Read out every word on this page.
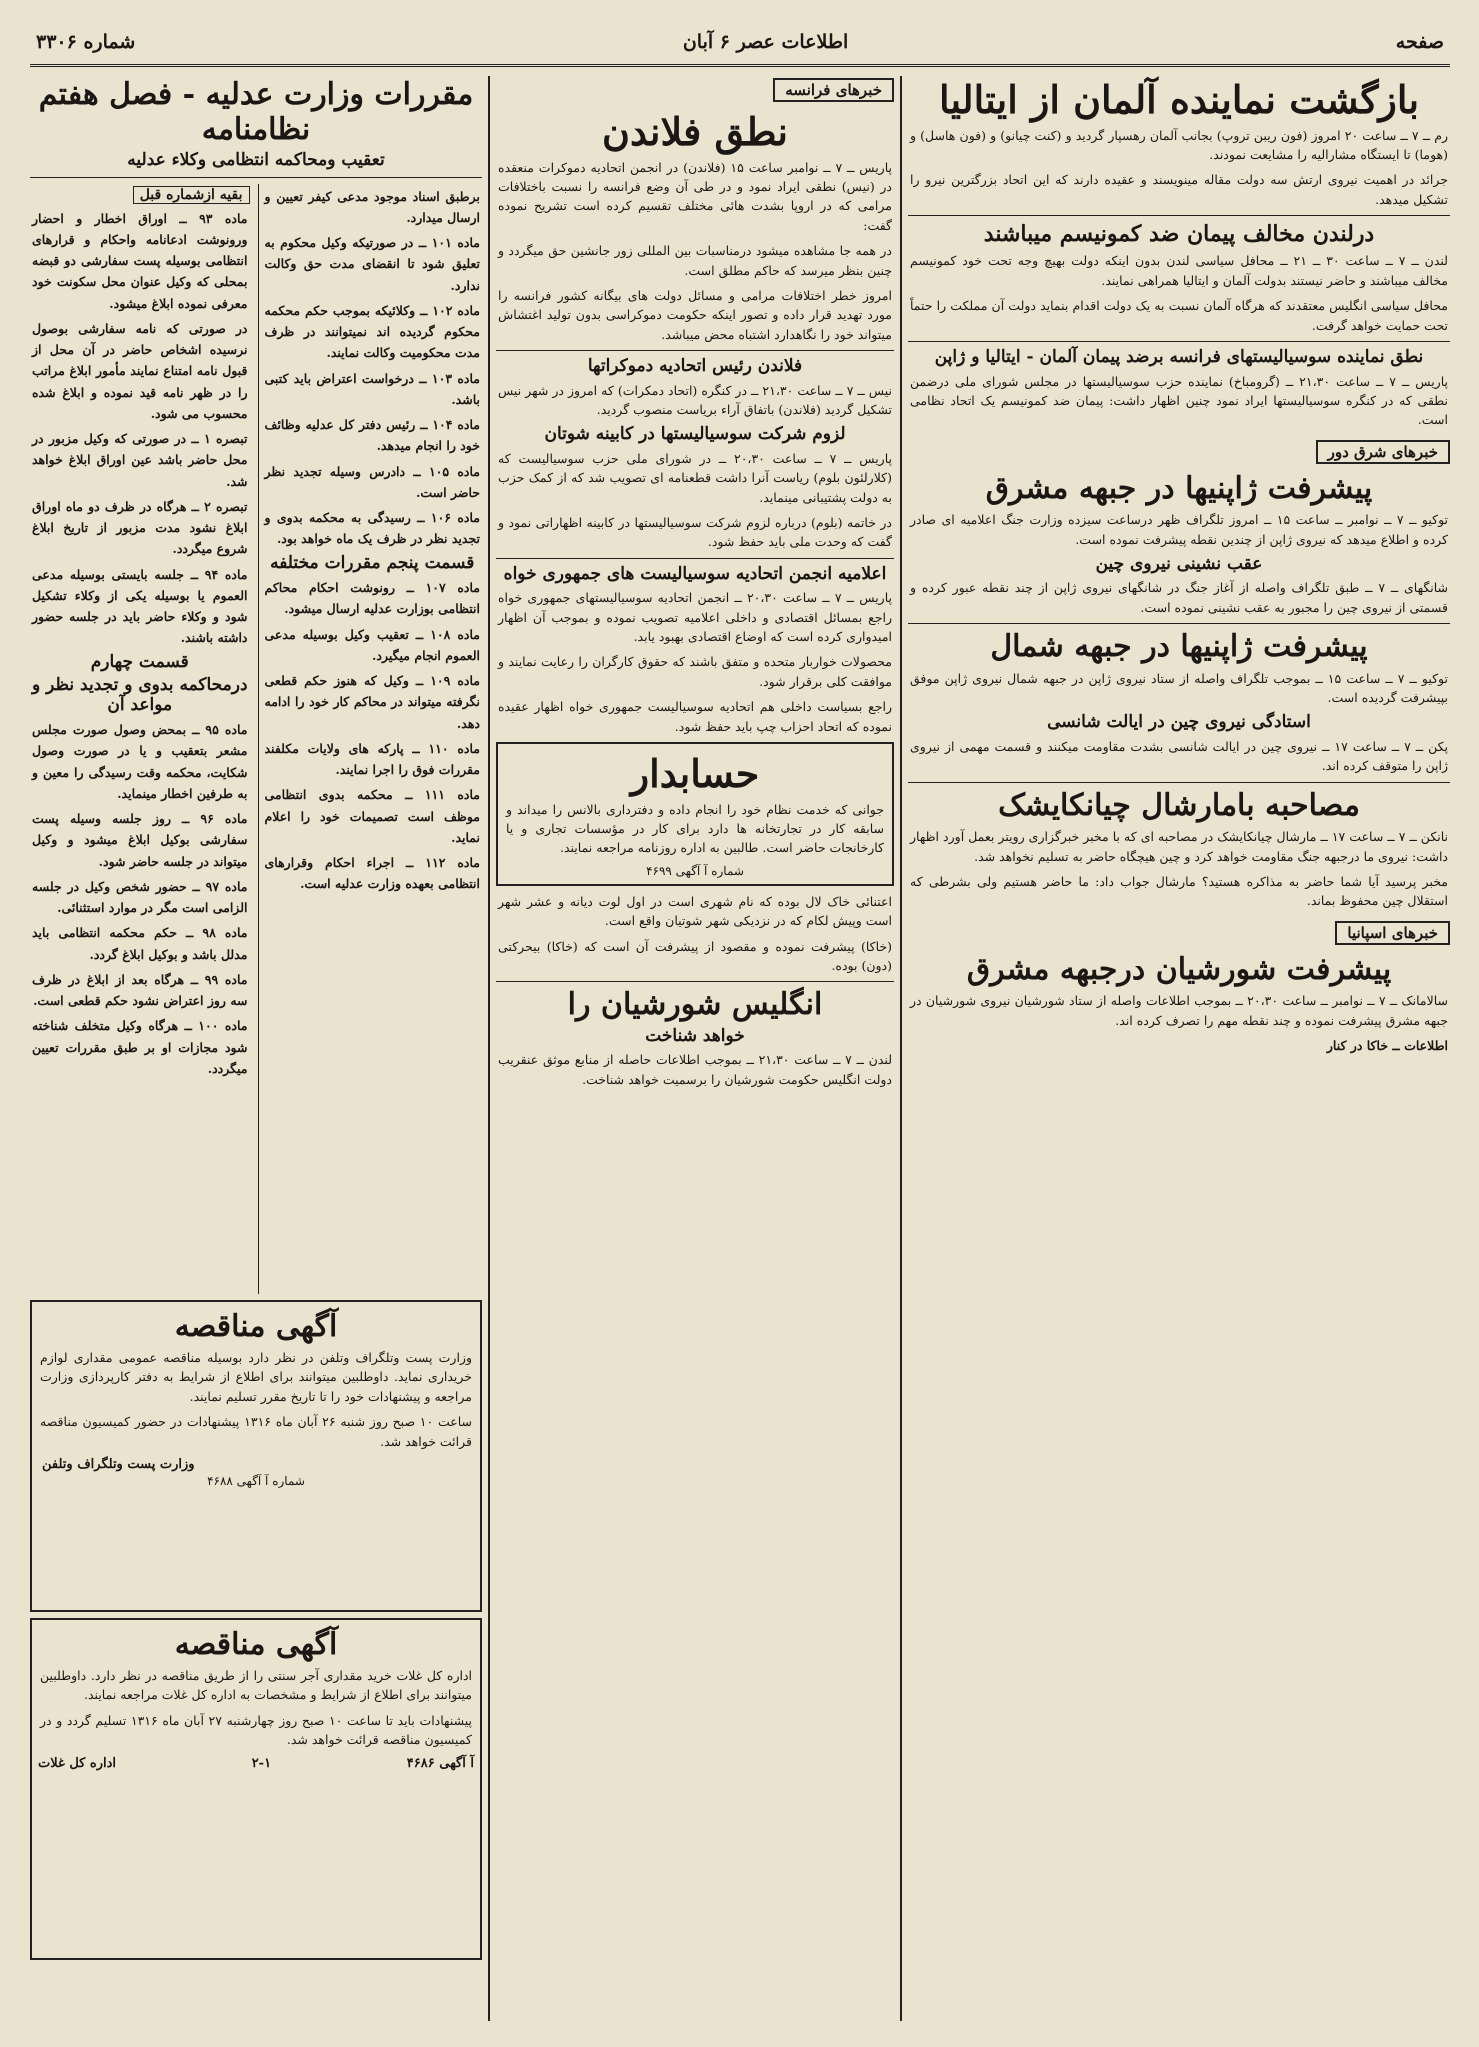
صفحه
اطلاعات عصر ۶ آبان
شماره ۳۳۰۶
بازگشت نماینده آلمان از ایتالیا
رم ــ ۷ ــ ساعت ۲۰ امروز (فون ریبن تروپ) بجانب آلمان رهسپار گردید و (کنت چیانو) و (فون هاسل) و (هوما) تا ایستگاه مشارالیه را مشایعت نمودند.
جرائد در اهمیت نیروی ارتش سه دولت مقاله مینویسند و عقیده دارند که این اتحاد بزرگترین نیرو را تشکیل میدهد.
درلندن مخالف پیمان ضد کمونیسم میباشند
لندن ــ ۷ ــ ساعت ۳۰ ــ ۲۱ ــ محافل سیاسی لندن بدون اینکه دولت بهیچ وجه تحت خود کمونیسم مخالف میباشند و حاضر نیستند بدولت آلمان و ایتالیا همراهی نمایند.
محافل سیاسی انگلیس معتقدند که هرگاه آلمان نسبت به یک دولت اقدام بنماید دولت آن مملکت را حتماً تحت حمایت خواهد گرفت.
نطق نماینده سوسیالیستهای فرانسه برضد پیمان آلمان - ایتالیا و ژاپن
پاریس ــ ۷ ــ ساعت ۲۱،۳۰ ــ (گرومباخ) نماینده حزب سوسیالیستها در مجلس شورای ملی درضمن نطقی که در کنگره سوسیالیستها ایراد نمود چنین اظهار داشت: پیمان ضد کمونیسم یک اتحاد نظامی است.
خبرهای شرق دور
پیشرفت ژاپنیها در جبهه مشرق
توکیو ــ ۷ ــ نوامبر ــ ساعت ۱۵ ــ امروز تلگراف ظهر درساعت سیزده وزارت جنگ اعلامیه ای صادر کرده و اطلاع میدهد که نیروی ژاپن از چندین نقطه پیشرفت نموده است.
عقب نشینی نیروی چین
شانگهای ــ ۷ ــ طبق تلگراف واصله از آغاز جنگ در شانگهای نیروی ژاپن از چند نقطه عبور کرده و قسمتی از نیروی چین را مجبور به عقب نشینی نموده است.
پیشرفت ژاپنیها در جبهه شمال
توکیو ــ ۷ ــ ساعت ۱۵ ــ بموجب تلگراف واصله از ستاد نیروی ژاپن در جبهه شمال نیروی ژاپن موفق بپیشرفت گردیده است.
استادگی نیروی چین در ایالت شانسی
پکن ــ ۷ ــ ساعت ۱۷ ــ نیروی چین در ایالت شانسی بشدت مقاومت میکنند و قسمت مهمی از نیروی ژاپن را متوقف کرده اند.
مصاحبه بامارشال چیانکایشک
نانکن ــ ۷ ــ ساعت ۱۷ ــ مارشال چیانکایشک در مصاحبه ای که با مخبر خبرگزاری رویتر بعمل آورد اظهار داشت: نیروی ما درجبهه جنگ مقاومت خواهد کرد و چین هیچگاه حاضر به تسلیم نخواهد شد.
مخبر پرسید آیا شما حاضر به مذاکره هستید؟ مارشال جواب داد: ما حاضر هستیم ولی بشرطی که استقلال چین محفوظ بماند.
خبرهای اسپانیا
پیشرفت شورشیان درجبهه مشرق
سالامانک ــ ۷ ــ نوامبر ــ ساعت ۲۰،۳۰ ــ بموجب اطلاعات واصله از ستاد شورشیان نیروی شورشیان در جبهه مشرق پیشرفت نموده و چند نقطه مهم را تصرف کرده اند.
اطلاعات ــ خاکا در کنار
خبرهای فرانسه
نطق فلاندن
پاریس ــ ۷ ــ نوامبر ساعت ۱۵ (فلاندن) در انجمن اتحادیه دموکرات منعقده در (نیس) نطقی ایراد نمود و در طی آن وضع فرانسه را نسبت باختلافات مرامی که در اروپا بشدت هائی مختلف تقسیم کرده است تشریح نموده گفت:
در همه جا مشاهده میشود درمناسبات بین المللی زور جانشین حق میگردد و چنین بنظر میرسد که حاکم مطلق است.
امروز خطر اختلافات مرامی و مسائل دولت های بیگانه کشور فرانسه را مورد تهدید قرار داده و تصور اینکه حکومت دموکراسی بدون تولید اغتشاش میتواند خود را نگاهدارد اشتباه محض میباشد.
فلاندن رئیس اتحادیه دموکراتها
نیس ــ ۷ ــ ساعت ۲۱،۳۰ ــ در کنگره (اتحاد دمکرات) که امروز در شهر نیس تشکیل گردید (فلاندن) باتفاق آراء بریاست منصوب گردید.
لزوم شرکت سوسیالیستها در کابینه شوتان
پاریس ــ ۷ ــ ساعت ۲۰،۳۰ ــ در شورای ملی حزب سوسیالیست که (کلارلئون بلوم) ریاست آنرا داشت قطعنامه ای تصویب شد که از کمک حزب به دولت پشتیبانی مینماید.
در خاتمه (بلوم) درباره لزوم شرکت سوسیالیستها در کابینه اظهاراتی نمود و گفت که وحدت ملی باید حفظ شود.
اعلامیه انجمن اتحادیه سوسیالیست های جمهوری خواه
پاریس ــ ۷ ــ ساعت ۲۰،۳۰ ــ انجمن اتحادیه سوسیالیستهای جمهوری خواه راجع بمسائل اقتصادی و داخلی اعلامیه تصویب نموده و بموجب آن اظهار امیدواری کرده است که اوضاع اقتصادی بهبود یابد.
محصولات خواربار متحده و متفق باشند که حقوق کارگران را رعایت نمایند و موافقت کلی برقرار شود.
راجع بسیاست داخلی هم اتحادیه سوسیالیست جمهوری خواه اظهار عقیده نموده که اتحاد احزاب چپ باید حفظ شود.
حسابدار
جوانی که خدمت نظام خود را انجام داده و دفترداری بالانس را میداند و سابقه کار در تجارتخانه ها دارد برای کار در مؤسسات تجاری و یا کارخانجات حاضر است. طالبین به اداره روزنامه مراجعه نمایند.
شماره آ آگهی ۴۶۹۹
اعتنائی خاک لال بوده که نام شهری است در اول لوت دیانه و عشر شهر است وپیش لکام که در نزدیکی شهر شوتیان واقع است.
(خاکا) پیشرفت نموده و مقصود از پیشرفت آن است که (خاکا) بیحرکتی (دون) بوده.
انگلیس شورشیان را
خواهد شناخت
لندن ــ ۷ ــ ساعت ۲۱،۳۰ ــ بموجب اطلاعات حاصله از منابع موثق عنقریب دولت انگلیس حکومت شورشیان را برسمیت خواهد شناخت.
مقررات وزارت عدلیه - فصل هفتم نظامنامه
تعقیب ومحاکمه انتظامی وکلاء عدلیه
برطبق اسناد موجود مدعی کیفر تعیین و ارسال میدارد.
ماده ۱۰۱ ــ در صورتیکه وکیل محکوم به تعلیق شود تا انقضای مدت حق وکالت ندارد.
ماده ۱۰۲ ــ وکلائیکه بموجب حکم محکمه محکوم گردیده اند نمیتوانند در ظرف مدت محکومیت وکالت نمایند.
ماده ۱۰۳ ــ درخواست اعتراض باید کتبی باشد.
ماده ۱۰۴ ــ رئیس دفتر کل عدلیه وظائف خود را انجام میدهد.
ماده ۱۰۵ ــ دادرس وسیله تجدید نظر حاضر است.
ماده ۱۰۶ ــ رسیدگی به محکمه بدوی و تجدید نظر در ظرف یک ماه خواهد بود.
قسمت پنجم مقررات مختلفه
ماده ۱۰۷ ــ رونوشت احکام محاکم انتظامی بوزارت عدلیه ارسال میشود.
ماده ۱۰۸ ــ تعقیب وکیل بوسیله مدعی العموم انجام میگیرد.
ماده ۱۰۹ ــ وکیل که هنوز حکم قطعی نگرفته میتواند در محاکم کار خود را ادامه دهد.
ماده ۱۱۰ ــ پارکه های ولایات مکلفند مقررات فوق را اجرا نمایند.
ماده ۱۱۱ ــ محکمه بدوی انتظامی موظف است تصمیمات خود را اعلام نماید.
ماده ۱۱۲ ــ اجراء احکام وقرارهای انتظامی بعهده وزارت عدلیه است.
بقیه ازشماره قبل
ماده ۹۳ ــ اوراق اخطار و احضار ورونوشت ادعانامه واحکام و قرارهای انتظامی بوسیله پست سفارشی دو قبضه بمحلی که وکیل عنوان محل سکونت خود معرفی نموده ابلاغ میشود.
در صورتی که نامه سفارشی بوصول نرسیده اشخاص حاضر در آن محل از قبول نامه امتناع نمایند مأمور ابلاغ مراتب را در ظهر نامه قید نموده و ابلاغ شده محسوب می شود.
تبصره ۱ ــ در صورتی که وکیل مزبور در محل حاضر باشد عین اوراق ابلاغ خواهد شد.
تبصره ۲ ــ هرگاه در ظرف دو ماه اوراق ابلاغ نشود مدت مزبور از تاریخ ابلاغ شروع میگردد.
ماده ۹۴ ــ جلسه بایستی بوسیله مدعی العموم یا بوسیله یکی از وکلاء تشکیل شود و وکلاء حاضر باید در جلسه حضور داشته باشند.
قسمت چهارم
درمحاکمه بدوی و تجدید نظر و مواعد آن
ماده ۹۵ ــ بمحض وصول صورت مجلس مشعر بتعقیب و یا در صورت وصول شکایت، محکمه وقت رسیدگی را معین و به طرفین اخطار مینماید.
ماده ۹۶ ــ روز جلسه وسیله پست سفارشی بوکیل ابلاغ میشود و وکیل میتواند در جلسه حاضر شود.
ماده ۹۷ ــ حضور شخص وکیل در جلسه الزامی است مگر در موارد استثنائی.
ماده ۹۸ ــ حکم محکمه انتظامی باید مدلل باشد و بوکیل ابلاغ گردد.
ماده ۹۹ ــ هرگاه بعد از ابلاغ در ظرف سه روز اعتراض نشود حکم قطعی است.
ماده ۱۰۰ ــ هرگاه وکیل متخلف شناخته شود مجازات او بر طبق مقررات تعیین میگردد.
آگهی مناقصه
وزارت پست وتلگراف وتلفن در نظر دارد بوسیله مناقصه عمومی مقداری لوازم خریداری نماید. داوطلبین میتوانند برای اطلاع از شرایط به دفتر کارپردازی وزارت مراجعه و پیشنهادات خود را تا تاریخ مقرر تسلیم نمایند.
ساعت ۱۰ صبح روز شنبه ۲۶ آبان ماه ۱۳۱۶ پیشنهادات در حضور کمیسیون مناقصه قرائت خواهد شد.
وزارت پست وتلگراف وتلفن
شماره آ آگهی ۴۶۸۸
آگهی مناقصه
اداره کل غلات خرید مقداری آجر سنتی را از طریق مناقصه در نظر دارد. داوطلبین میتوانند برای اطلاع از شرایط و مشخصات به اداره کل غلات مراجعه نمایند.
پیشنهادات باید تا ساعت ۱۰ صبح روز چهارشنبه ۲۷ آبان ماه ۱۳۱۶ تسلیم گردد و در کمیسیون مناقصه قرائت خواهد شد.
آ آگهی ۴۶۸۶
۲-۱
اداره کل غلات
